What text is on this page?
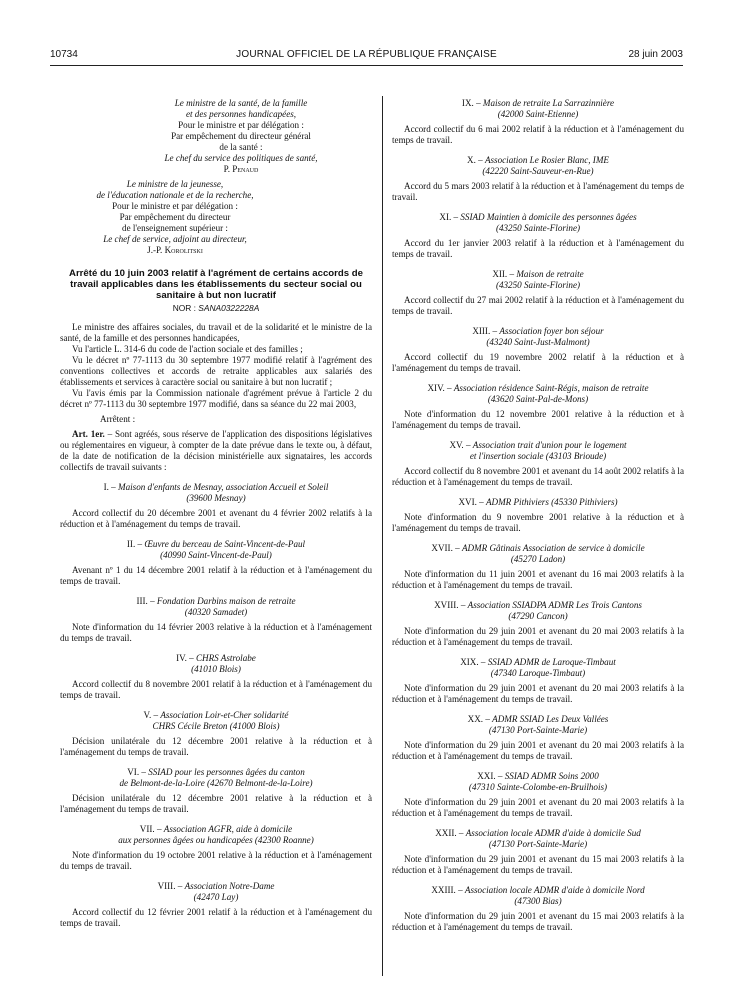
10734	JOURNAL OFFICIEL DE LA RÉPUBLIQUE FRANÇAISE	28 juin 2003
Le ministre de la santé, de la famille
et des personnes handicapées,
Pour le ministre et par délégation :
Par empêchement du directeur général
de la santé :
Le chef du service des politiques de santé,
P. Penaud
Le ministre de la jeunesse,
de l'éducation nationale et de la recherche,
Pour le ministre et par délégation :
Par empêchement du directeur
de l'enseignement supérieur :
Le chef de service, adjoint au directeur,
J.-P. Korolitski
Arrêté du 10 juin 2003 relatif à l'agrément de certains accords de travail applicables dans les établissements du secteur social ou sanitaire à but non lucratif
NOR : SANA0322228A

Le ministre des affaires sociales, du travail et de la solidarité et le ministre de la santé, de la famille et des personnes handicapées,

Vu l'article L. 314-6 du code de l'action sociale et des familles ;

Vu le décret nº 77-1113 du 30 septembre 1977 modifié relatif à l'agrément des conventions collectives et accords de retraite applicables aux salariés des établissements et services à caractère social ou sanitaire à but non lucratif ;

Vu l'avis émis par la Commission nationale d'agrément prévue à l'article 2 du décret nº 77-1113 du 30 septembre 1977 modifié, dans sa séance du 22 mai 2003,

Arrêtent :

Art. 1er. – Sont agréés, sous réserve de l'application des dispositions législatives ou réglementaires en vigueur, à compter de la date prévue dans le texte ou, à défaut, de la date de notification de la décision ministérielle aux signataires, les accords collectifs de travail suivants :

I. – Maison d'enfants de Mesnay, association Accueil et Soleil
(39600 Mesnay)

Accord collectif du 20 décembre 2001 et avenant du 4 février 2002 relatifs à la réduction et à l'aménagement du temps de travail.

II. – Œuvre du berceau de Saint-Vincent-de-Paul
(40990 Saint-Vincent-de-Paul)

Avenant nº 1 du 14 décembre 2001 relatif à la réduction et à l'aménagement du temps de travail.

III. – Fondation Darbins maison de retraite
(40320 Samadet)

Note d'information du 14 février 2003 relative à la réduction et à l'aménagement du temps de travail.

IV. – CHRS Astrolabe
(41010 Blois)

Accord collectif du 8 novembre 2001 relatif à la réduction et à l'aménagement du temps de travail.

V. – Association Loir-et-Cher solidarité
CHRS Cécile Breton (41000 Blois)

Décision unilatérale du 12 décembre 2001 relative à la réduction et à l'aménagement du temps de travail.

VI. – SSIAD pour les personnes âgées du canton
de Belmont-de-la-Loire (42670 Belmont-de-la-Loire)

Décision unilatérale du 12 décembre 2001 relative à la réduction et à l'aménagement du temps de travail.

VII. – Association AGFR, aide à domicile
aux personnes âgées ou handicapées (42300 Roanne)

Note d'information du 19 octobre 2001 relative à la réduction et à l'aménagement du temps de travail.

VIII. – Association Notre-Dame
(42470 Lay)

Accord collectif du 12 février 2001 relatif à la réduction et à l'aménagement du temps de travail.

IX. – Maison de retraite La Sarrazinnière
(42000 Saint-Etienne)

Accord collectif du 6 mai 2002 relatif à la réduction et à l'aménagement du temps de travail.

X. – Association Le Rosier Blanc, IME
(42220 Saint-Sauveur-en-Rue)

Accord du 5 mars 2003 relatif à la réduction et à l'aménagement du temps de travail.

XI. – SSIAD Maintien à domicile des personnes âgées
(43250 Sainte-Florine)

Accord du 1er janvier 2003 relatif à la réduction et à l'aménagement du temps de travail.

XII. – Maison de retraite
(43250 Sainte-Florine)

Accord collectif du 27 mai 2002 relatif à la réduction et à l'aménagement du temps de travail.

XIII. – Association foyer bon séjour
(43240 Saint-Just-Malmont)

Accord collectif du 19 novembre 2002 relatif à la réduction et à l'aménagement du temps de travail.

XIV. – Association résidence Saint-Régis, maison de retraite
(43620 Saint-Pal-de-Mons)

Note d'information du 12 novembre 2001 relative à la réduction et à l'aménagement du temps de travail.

XV. – Association trait d'union pour le logement
et l'insertion sociale (43103 Brioude)

Accord collectif du 8 novembre 2001 et avenant du 14 août 2002 relatifs à la réduction et à l'aménagement du temps de travail.

XVI. – ADMR Pithiviers (45330 Pithiviers)

Note d'information du 9 novembre 2001 relative à la réduction et à l'aménagement du temps de travail.

XVII. – ADMR Gâtinais Association de service à domicile
(45270 Ladon)

Note d'information du 11 juin 2001 et avenant du 16 mai 2003 relatifs à la réduction et à l'aménagement du temps de travail.

XVIII. – Association SSIADPA ADMR Les Trois Cantons
(47290 Cancon)

Note d'information du 29 juin 2001 et avenant du 20 mai 2003 relatifs à la réduction et à l'aménagement du temps de travail.

XIX. – SSIAD ADMR de Laroque-Timbaut
(47340 Laroque-Timbaut)

Note d'information du 29 juin 2001 et avenant du 20 mai 2003 relatifs à la réduction et à l'aménagement du temps de travail.

XX. – ADMR SSIAD Les Deux Vallées
(47130 Port-Sainte-Marie)

Note d'information du 29 juin 2001 et avenant du 20 mai 2003 relatifs à la réduction et à l'aménagement du temps de travail.

XXI. – SSIAD ADMR Soins 2000
(47310 Sainte-Colombe-en-Bruilhois)

Note d'information du 29 juin 2001 et avenant du 20 mai 2003 relatifs à la réduction et à l'aménagement du temps de travail.

XXII. – Association locale ADMR d'aide à domicile Sud
(47130 Port-Sainte-Marie)

Note d'information du 29 juin 2001 et avenant du 15 mai 2003 relatifs à la réduction et à l'aménagement du temps de travail.

XXIII. – Association locale ADMR d'aide à domicile Nord
(47300 Bias)

Note d'information du 29 juin 2001 et avenant du 15 mai 2003 relatifs à la réduction et à l'aménagement du temps de travail.
